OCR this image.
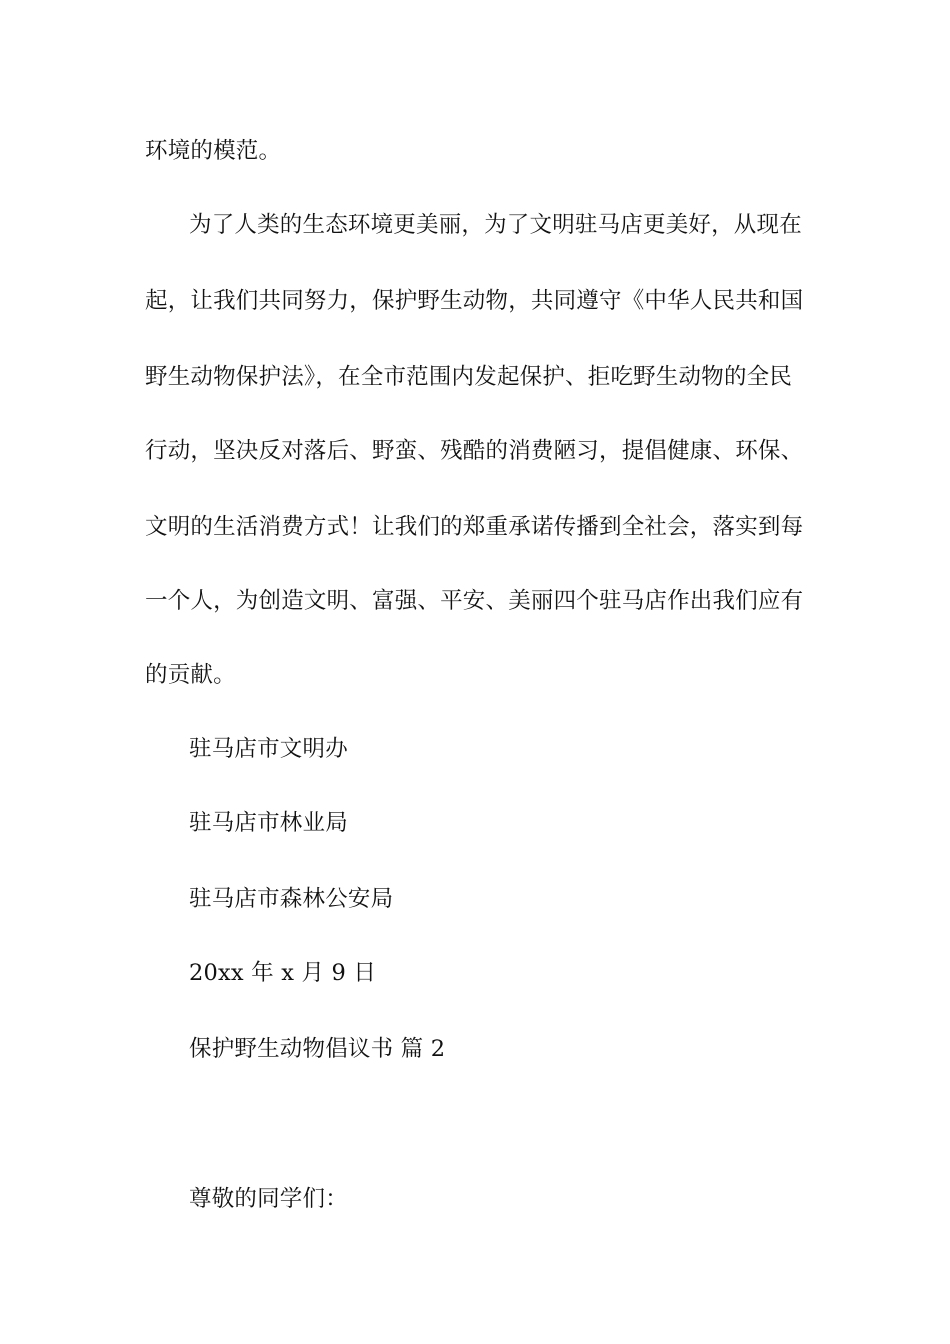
环境的模范。
为了人类的生态环境更美丽，为了文明驻马店更美好，从现在
起，让我们共同努力，保护野生动物，共同遵守《中华人民共和国
野生动物保护法》，在全市范围内发起保护、拒吃野生动物的全民
行动，坚决反对落后、野蛮、残酷的消费陋习，提倡健康、环保、
文明的生活消费方式！让我们的郑重承诺传播到全社会，落实到每
一个人，为创造文明、富强、平安、美丽四个驻马店作出我们应有
的贡献。
驻马店市文明办
驻马店市林业局
驻马店市森林公安局
20xx 年 x 月 9 日
保护野生动物倡议书 篇 2
尊敬的同学们：
